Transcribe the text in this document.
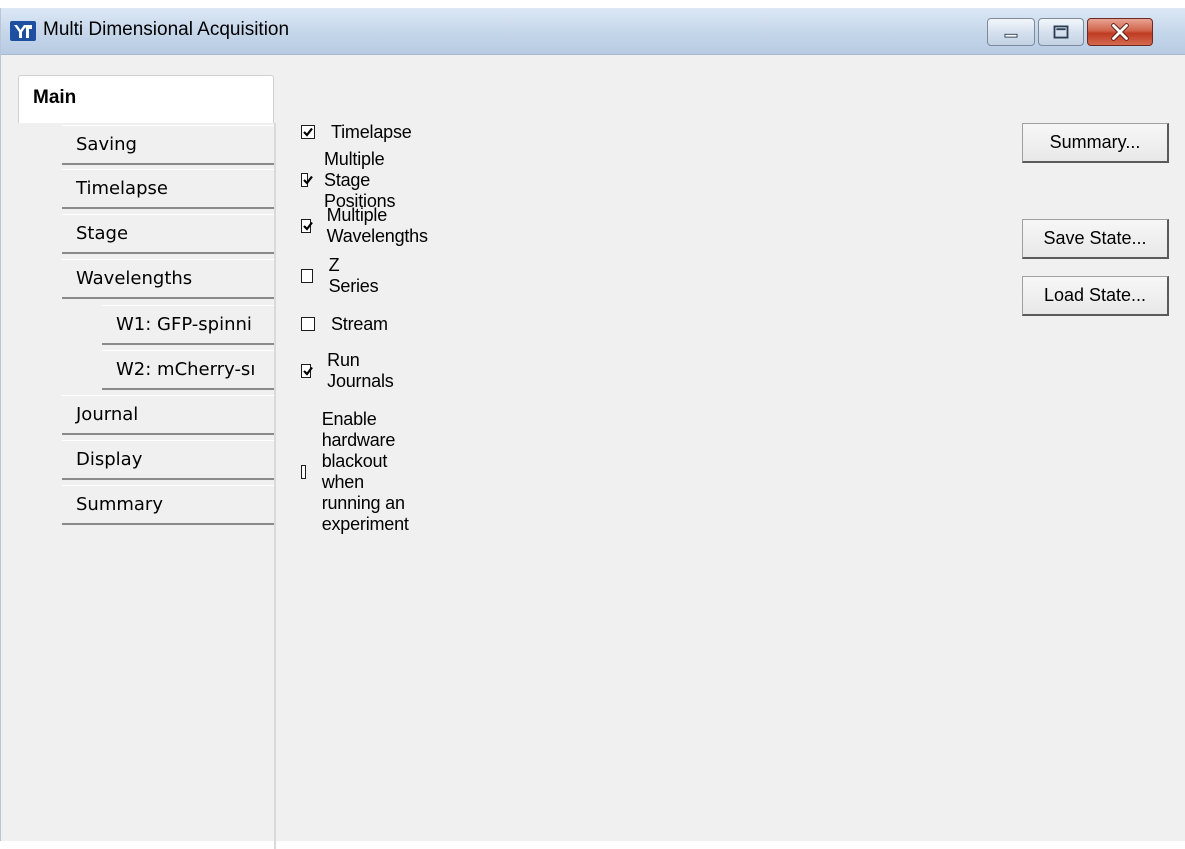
Multi Dimensional Acquisition
Main
Saving
Timelapse
Stage
Wavelengths
W1: GFP-spinni
W2: mCherry-sı
Journal
Display
Summary
Timelapse
Multiple Stage Positions
Multiple Wavelengths
Z Series
Stream
Run Journals
Enable hardware blackout when running an experiment
Summary...
Save State...
Load State...
